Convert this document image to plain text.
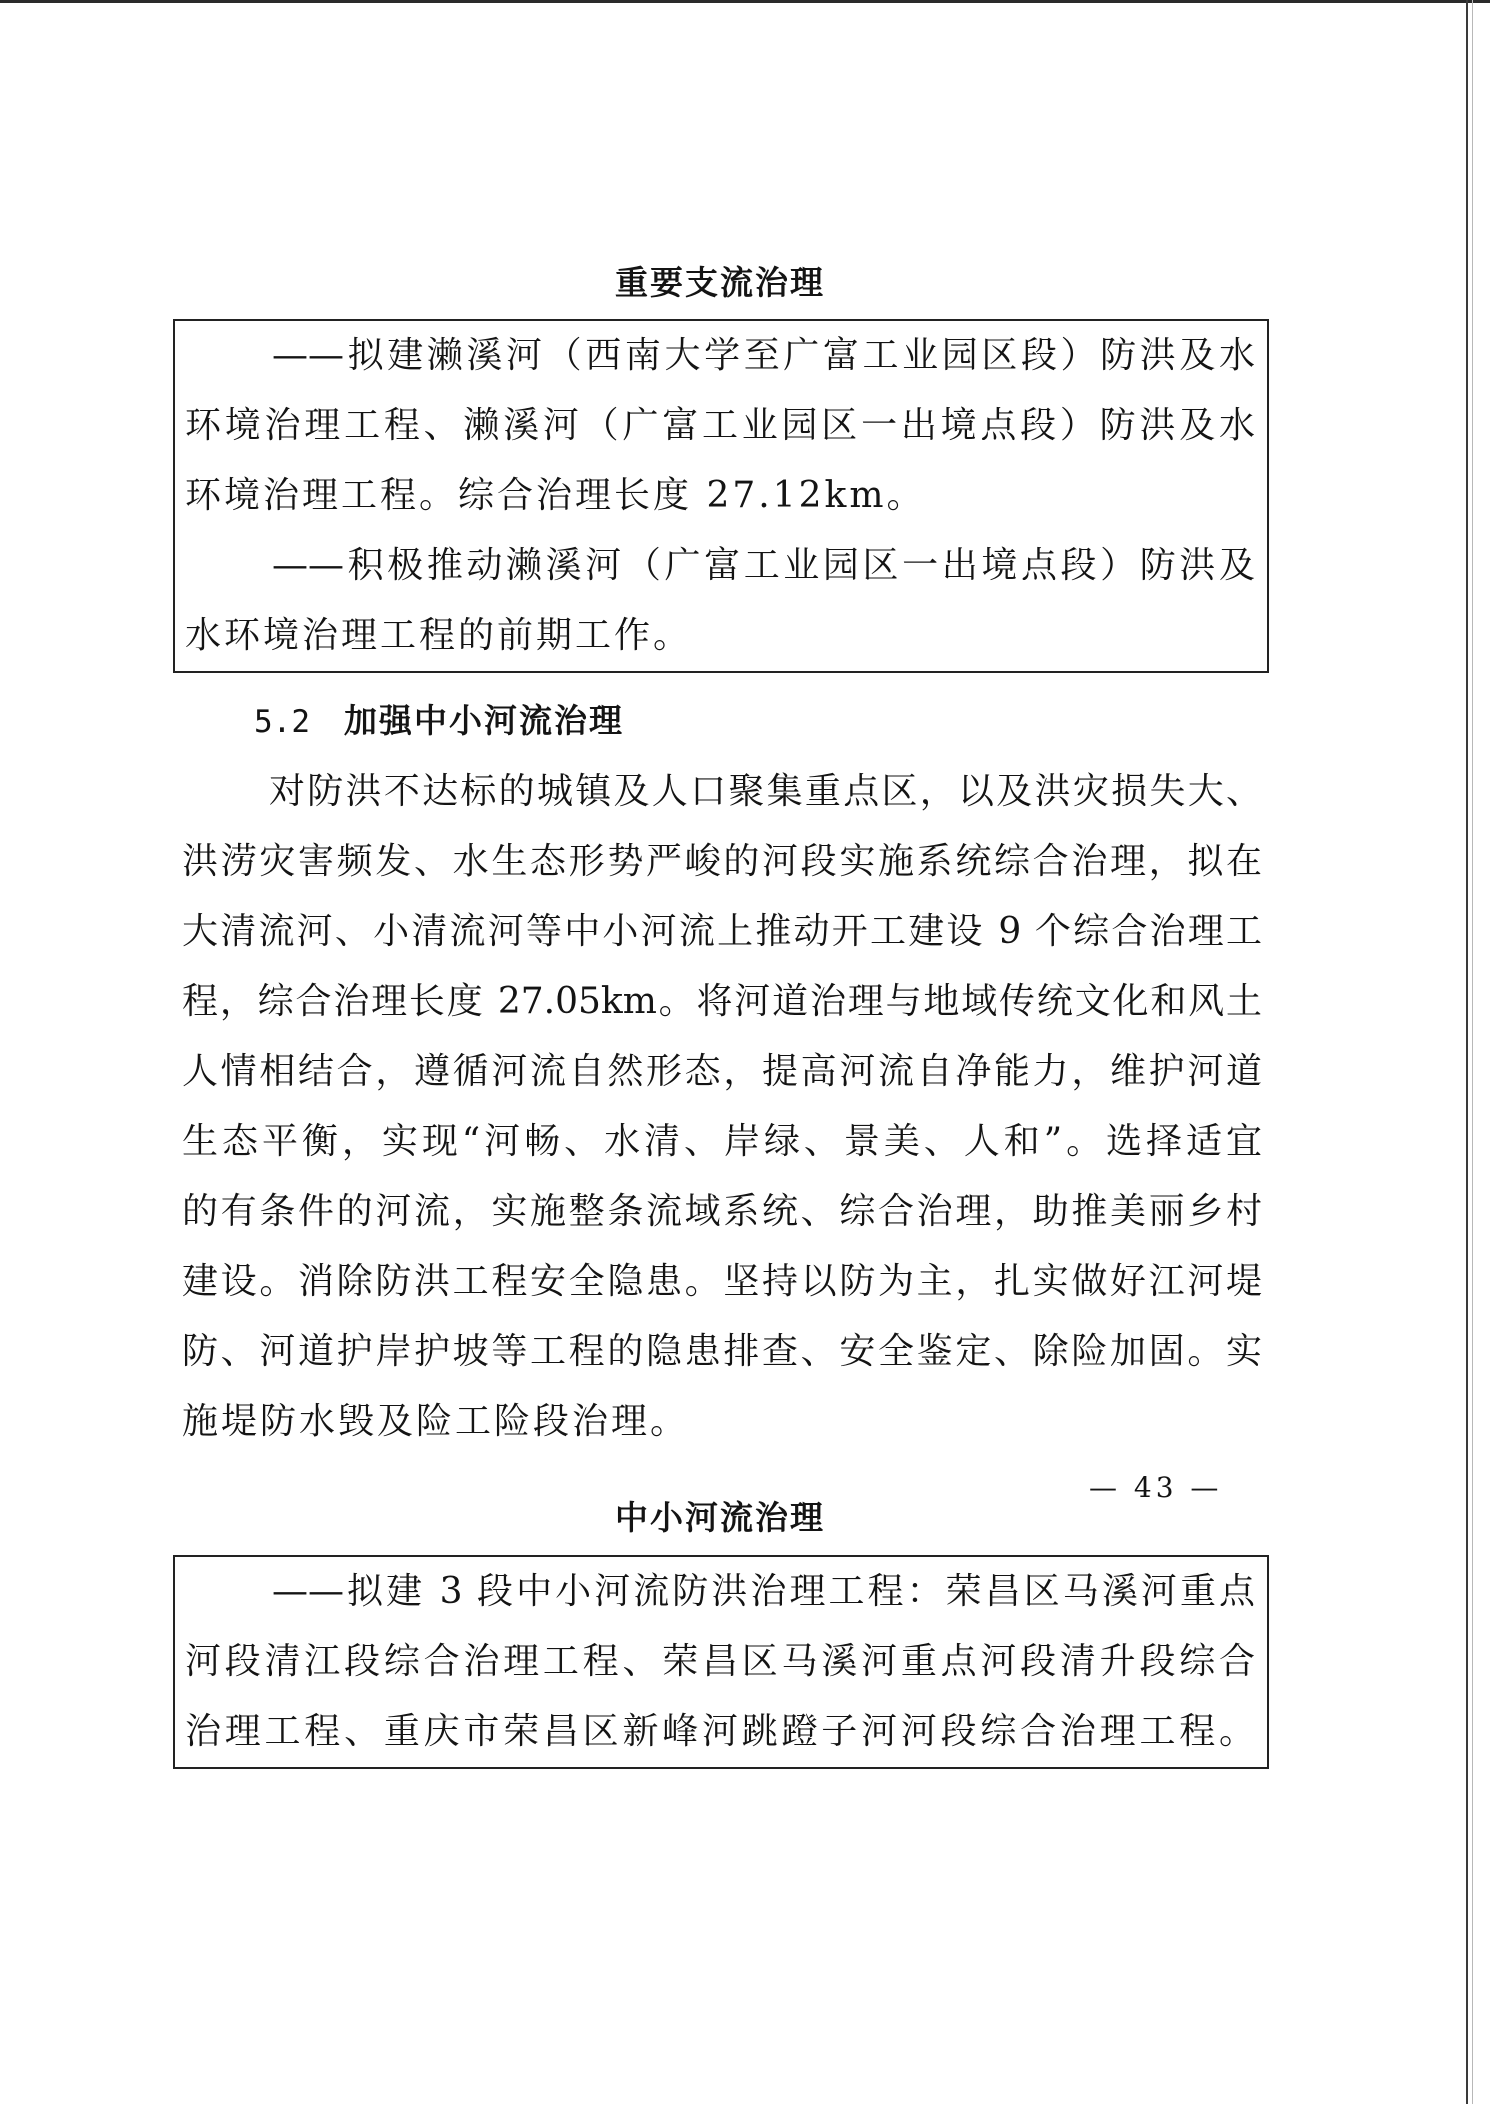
重要支流治理
——拟建濑溪河（西南大学至广富工业园区段）防洪及水
环境治理工程、濑溪河（广富工业园区一出境点段）防洪及水
环境治理工程。综合治理长度 27.12km。
——积极推动濑溪河（广富工业园区一出境点段）防洪及
水环境治理工程的前期工作。
5.2 加强中小河流治理
对防洪不达标的城镇及人口聚集重点区，以及洪灾损失大、
洪涝灾害频发、水生态形势严峻的河段实施系统综合治理，拟在
大清流河、小清流河等中小河流上推动开工建设 9 个综合治理工
程，综合治理长度 27.05km。将河道治理与地域传统文化和风土
人情相结合，遵循河流自然形态，提高河流自净能力，维护河道
生态平衡，实现“河畅、水清、岸绿、景美、人和”。选择适宜
的有条件的河流，实施整条流域系统、综合治理，助推美丽乡村
建设。消除防洪工程安全隐患。坚持以防为主，扎实做好江河堤
防、河道护岸护坡等工程的隐患排查、安全鉴定、除险加固。实
施堤防水毁及险工险段治理。
中小河流治理
——拟建 3 段中小河流防洪治理工程：荣昌区马溪河重点
河段清江段综合治理工程、荣昌区马溪河重点河段清升段综合
治理工程、重庆市荣昌区新峰河跳蹬子河河段综合治理工程。
— 43 —
